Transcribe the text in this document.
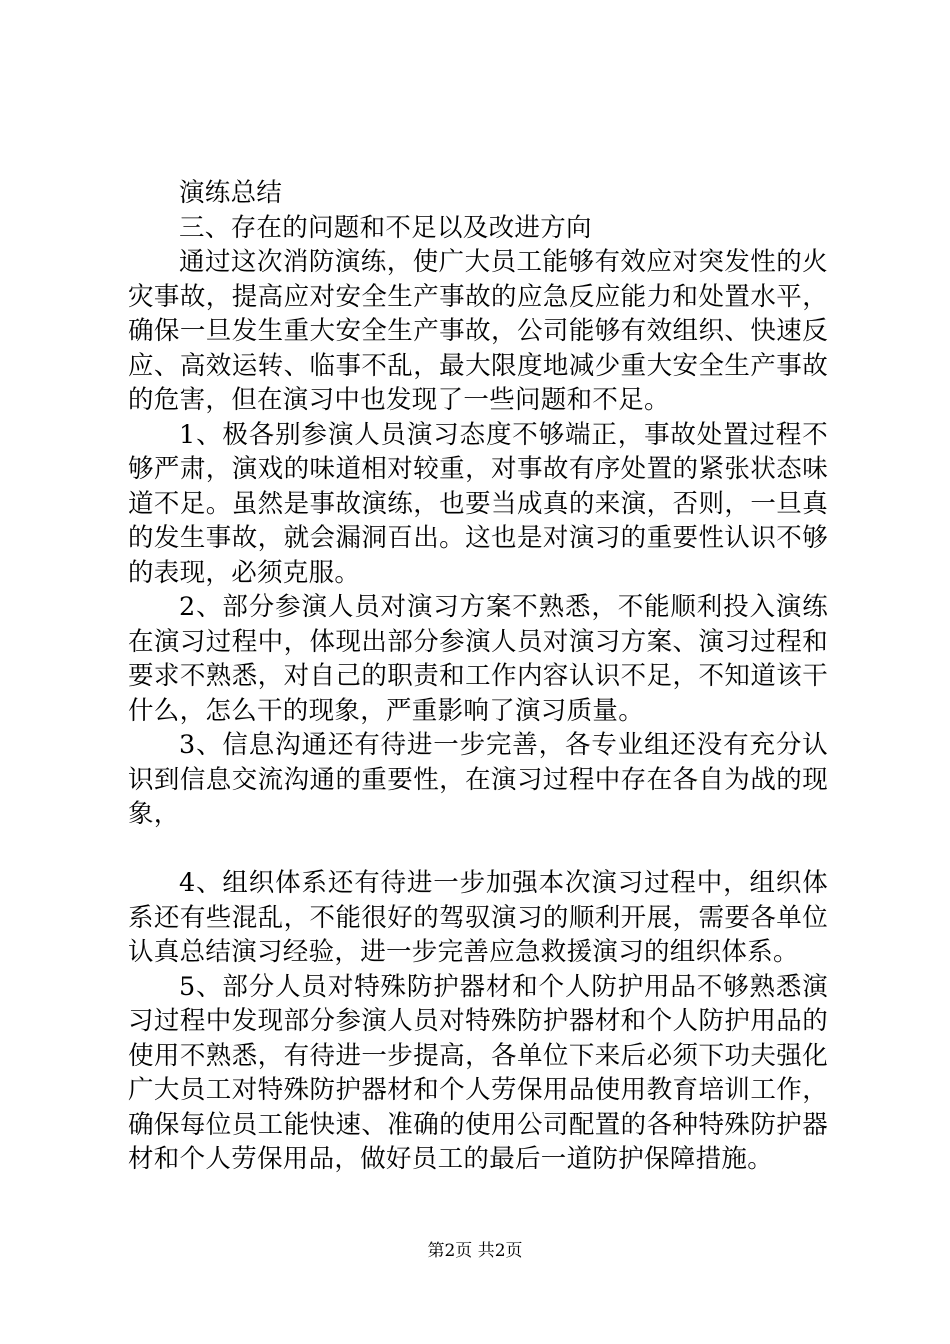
演练总结

三、存在的问题和不足以及改进方向

通过这次消防演练，使广大员工能够有效应对突发性的火灾事故，提高应对安全生产事故的应急反应能力和处置水平，确保一旦发生重大安全生产事故，公司能够有效组织、快速反应、高效运转、临事不乱，最大限度地减少重大安全生产事故的危害，但在演习中也发现了一些问题和不足。

1、极各别参演人员演习态度不够端正，事故处置过程不够严肃，演戏的味道相对较重，对事故有序处置的紧张状态味道不足。虽然是事故演练，也要当成真的来演，否则，一旦真的发生事故，就会漏洞百出。这也是对演习的重要性认识不够的表现，必须克服。

2、部分参演人员对演习方案不熟悉，不能顺利投入演练在演习过程中，体现出部分参演人员对演习方案、演习过程和要求不熟悉，对自己的职责和工作内容认识不足，不知道该干什么，怎么干的现象，严重影响了演习质量。

3、信息沟通还有待进一步完善，各专业组还没有充分认识到信息交流沟通的重要性，在演习过程中存在各自为战的现象，

4、组织体系还有待进一步加强本次演习过程中，组织体系还有些混乱，不能很好的驾驭演习的顺利开展，需要各单位认真总结演习经验，进一步完善应急救援演习的组织体系。

5、部分人员对特殊防护器材和个人防护用品不够熟悉演习过程中发现部分参演人员对特殊防护器材和个人防护用品的使用不熟悉，有待进一步提高，各单位下来后必须下功夫强化广大员工对特殊防护器材和个人劳保用品使用教育培训工作，确保每位员工能快速、准确的使用公司配置的各种特殊防护器材和个人劳保用品，做好员工的最后一道防护保障措施。

第2页 共2页
